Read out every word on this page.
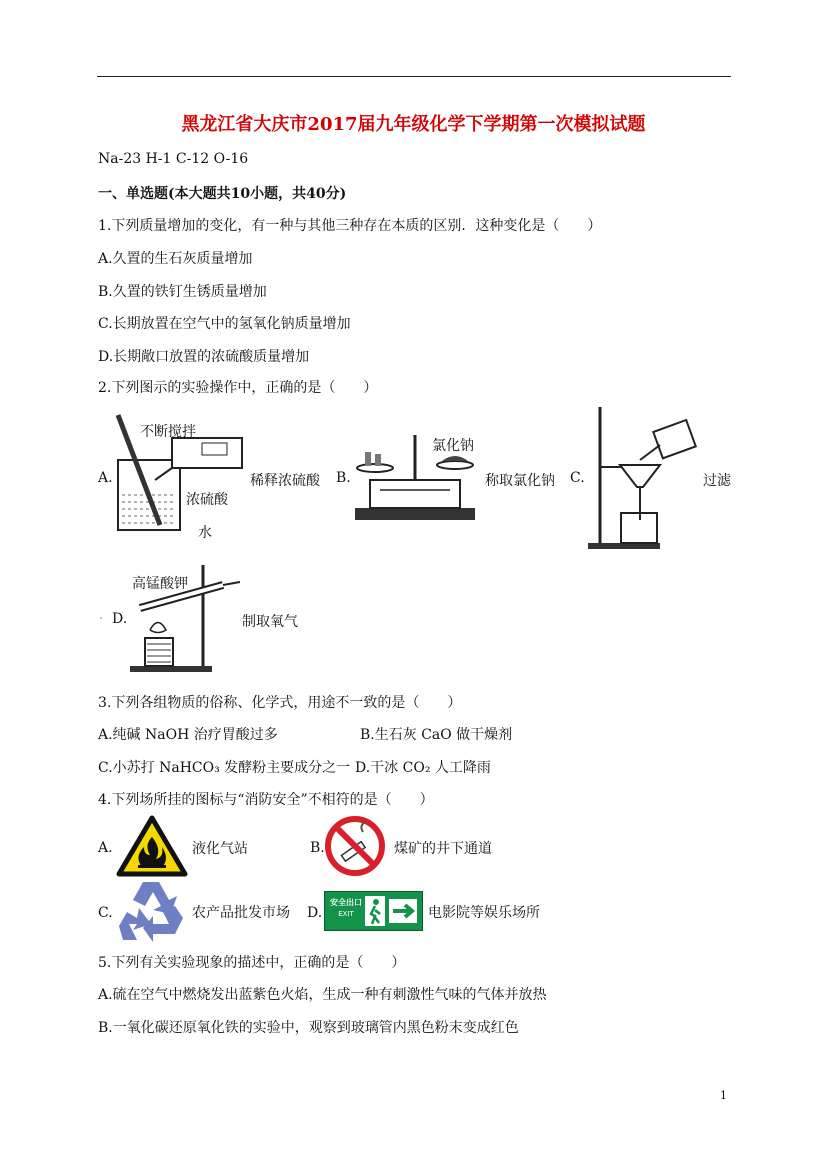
黑龙江省大庆市2017届九年级化学下学期第一次模拟试题
Na-23 H-1 C-12 O-16
一、单选题(本大题共10小题，共40分)
1.下列质量增加的变化，有一种与其他三种存在本质的区别．这种变化是（　　）
A.久置的生石灰质量增加
B.久置的铁钉生锈质量增加
C.长期放置在空气中的氢氧化钠质量增加
D.长期敞口放置的浓硫酸质量增加
2.下列图示的实验操作中，正确的是（　　）
A.
不断搅拌
浓硫酸
水
稀释浓硫酸 B.
氯化钠
称取氯化钠 C.	过滤
· D.
高锰酸钾
制取氧气
3.下列各组物质的俗称、化学式，用途不一致的是（　　）
A.纯碱 NaOH 治疗胃酸过多	B.生石灰 CaO 做干燥剂
C.小苏打 NaHCO₃ 发酵粉主要成分之一 D.干冰 CO₂ 人工降雨
4.下列场所挂的图标与“消防安全”不相符的是（　　）
A.	液化气站	B.	煤矿的井下通道
C.	农产品批发市场 D.
安全出口
EXIT	电影院等娱乐场所
5.下列有关实验现象的描述中，正确的是（　　）
A.硫在空气中燃烧发出蓝紫色火焰，生成一种有刺激性气味的气体并放热
B.一氧化碳还原氧化铁的实验中，观察到玻璃管内黑色粉末变成红色
1
